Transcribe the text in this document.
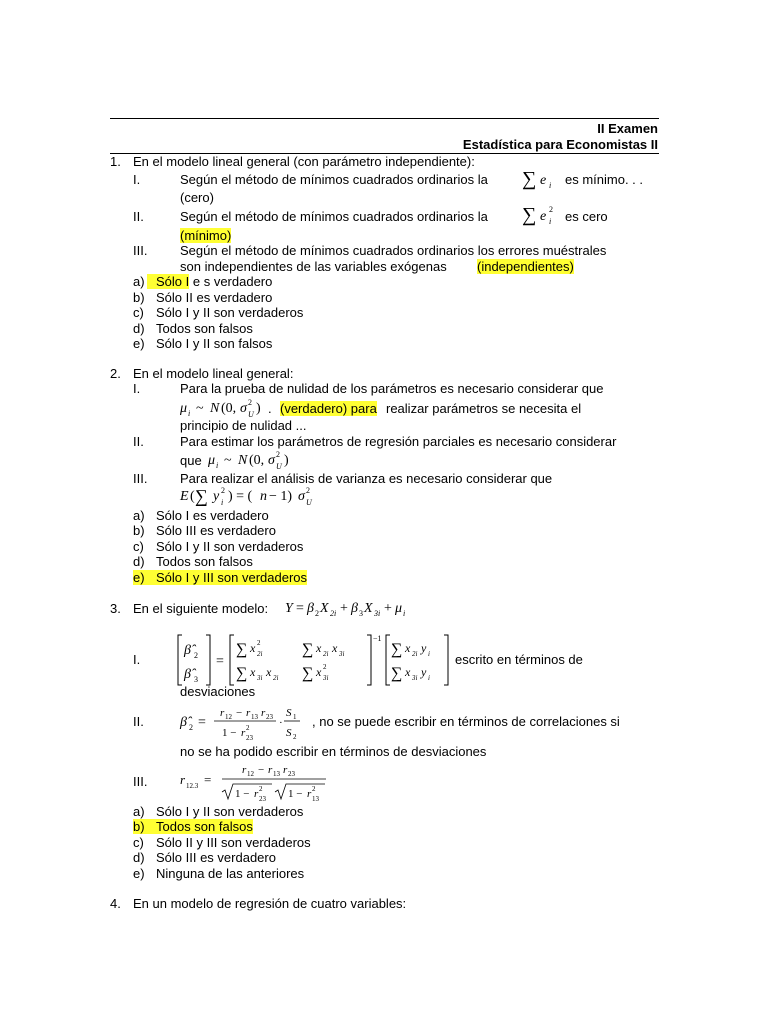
II Examen
Estadística para Economistas II
1. En el modelo lineal general (con parámetro independiente):
I.	Según el método de mínimos cuadrados ordinarios la ∑ e i es mínimo. . .
(cero)
II.	Según el método de mínimos cuadrados ordinarios la ∑ e 2
i es cero
(mínimo)
III.	Según el método de mínimos cuadrados ordinarios los errores muéstrales
son independientes de las variables exógenas (independientes)
a) Sólo I e s verdadero
b) Sólo II es verdadero
c) Sólo I y II son verdaderos
d) Todos son falsos
e) Sólo I y II son falsos
2. En el modelo lineal general:
I.	Para la prueba de nulidad de los parámetros es necesario considerar que
μ i ~ N (0, σ 2
U ) . (verdadero) para realizar parámetros se necesita el
principio de nulidad ...
II.	Para estimar los parámetros de regresión parciales es necesario considerar
que μ i ~ N (0, σ 2
U )
III.	Para realizar el análisis de varianza es necesario considerar que
E ( ∑ y 2
i ) = ( n − 1) σ 2
U
a) Sólo I es verdadero
b) Sólo III es verdadero
c) Sólo I y II son verdaderos
d) Todos son falsos
e) Sólo I y III son verdaderos
3. En el siguiente modelo: Y = β 2 X 2i + β 3 X 3i + μ i
I.
β̂ 2
β̂ 3
=
∑ x 2
2i ∑ x 2i x 3i
∑ x 3i x 2i ∑ x 2
3i
−1
∑ x 2i y i
∑ x 3i y i
escrito en términos de
desviaciones
II.	β̂ 2 =
r 12 − r 13 r 23
1 − r 2
23
·
S 1
S 2
, no se puede escribir en términos de correlaciones si
no se ha podido escribir en términos de desviaciones
III.	r 12.3 =
r 12 − r 13 r 23
1 − r 2
23 1 − r 2
13
a) Sólo I y II son verdaderos
b) Todos son falsos
c) Sólo II y III son verdaderos
d) Sólo III es verdadero
e) Ninguna de las anteriores
4. En un modelo de regresión de cuatro variables:
